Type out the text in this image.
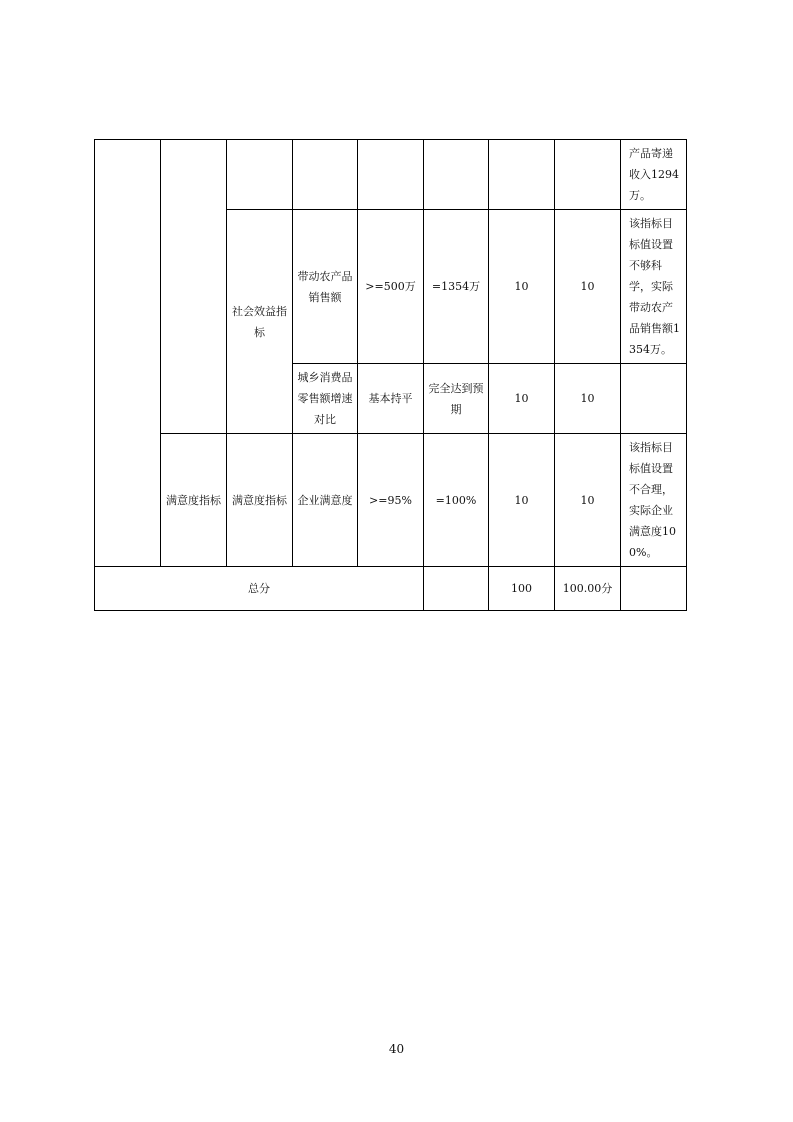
								产品寄递收入1294万。
		社会效益指标	带动农产品销售额	>=500万	=1354万	10	10	该指标目标值设置不够科学，实际带动农产品销售额1354万。
			城乡消费品零售额增速对比	基本持平	完全达到预期	10	10	
	满意度指标	满意度指标	企业满意度	>=95%	=100%	10	10	该指标目标值设置不合理，实际企业满意度100%。
总分						100	100.00分	
40
